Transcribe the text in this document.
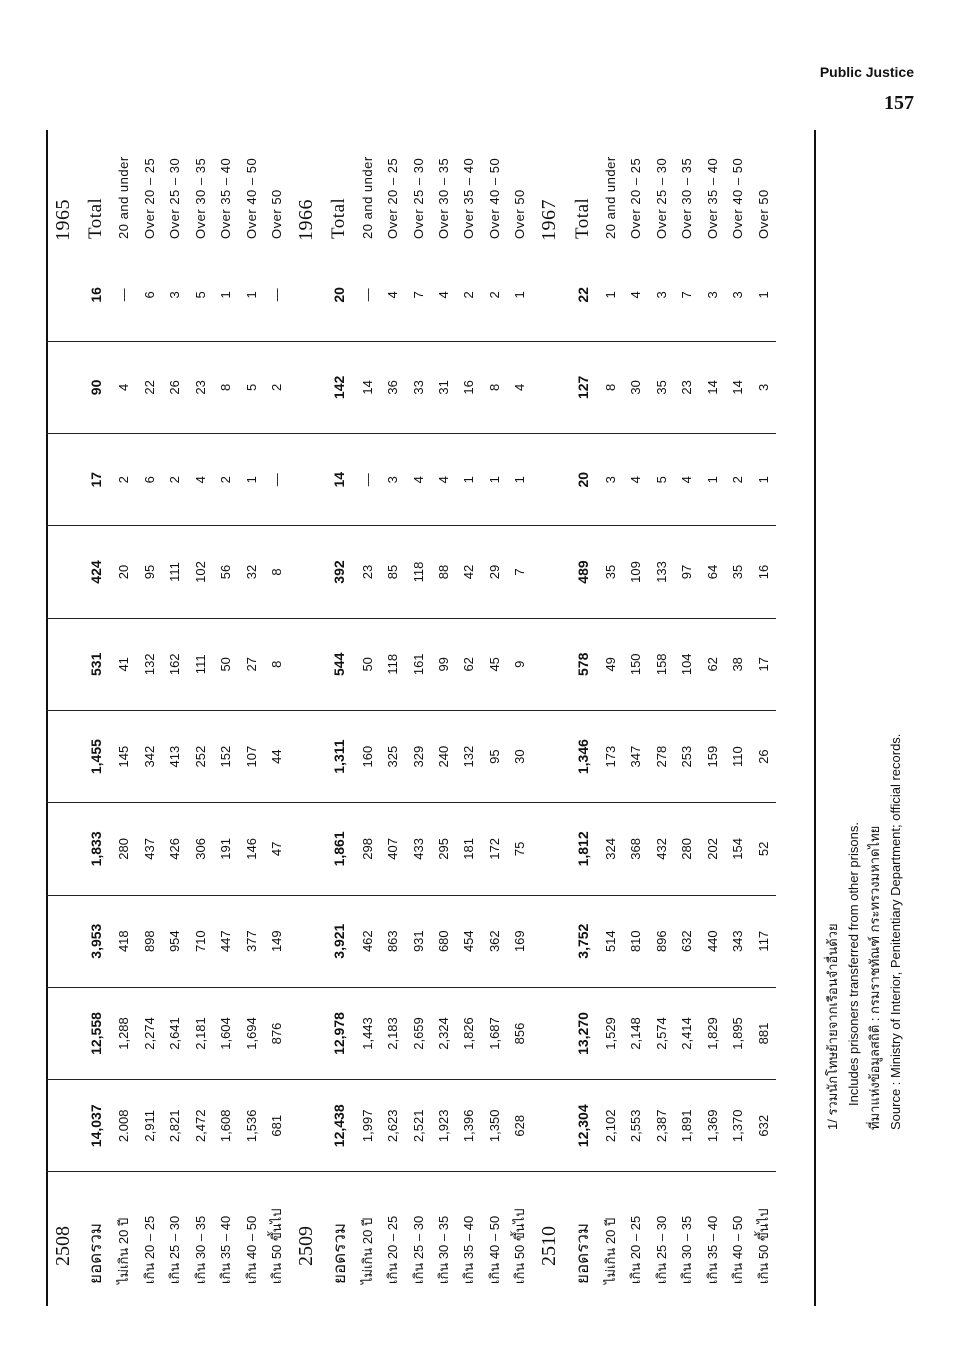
Public Justice
157
2508											1965
ยอดรวม	14,037	12,558	3,953	1,833	1,455	531	424	17	90	16	Total
ไม่เกิน 20 ปี	2.008	1,288	418	280	145	41	20	2	4	—	20 and under
เกิน 20 – 25	2,911	2,274	898	437	342	132	95	6	22	6	Over 20 – 25
เกิน 25 – 30	2,821	2,641	954	426	413	162	111	2	26	3	Over 25 – 30
เกิน 30 – 35	2,472	2,181	710	306	252	111	102	4	23	5	Over 30 – 35
เกิน 35 – 40	1,608	1,604	447	191	152	50	56	2	8	1	Over 35 – 40
เกิน 40 – 50	1,536	1,694	377	146	107	27	32	1	5	1	Over 40 – 50
เกิน 50 ขึ้นไป	681	876	149	47	44	8	8	—	2	—	Over 50
2509											1966
ยอดรวม	12,438	12,978	3,921	1,861	1,311	544	392	14	142	20	Total
ไม่เกิน 20 ปี	1,997	1,443	462	298	160	50	23	—	14	—	20 and under
เกิน 20 – 25	2,623	2,183	863	407	325	118	85	3	36	4	Over 20 – 25
เกิน 25 – 30	2,521	2,659	931	433	329	161	118	4	33	7	Over 25 – 30
เกิน 30 – 35	1,923	2,324	680	295	240	99	88	4	31	4	Over 30 – 35
เกิน 35 – 40	1,396	1,826	454	181	132	62	42	1	16	2	Over 35 – 40
เกิน 40 – 50	1,350	1,687	362	172	95	45	29	1	8	2	Over 40 – 50
เกิน 50 ขึ้นไป	628	856	169	75	30	9	7	1	4	1	Over 50
2510											1967
ยอดรวม	12,304	13,270	3,752	1,812	1,346	578	489	20	127	22	Total
ไม่เกิน 20 ปี	2,102	1,529	514	324	173	49	35	3	8	1	20 and under
เกิน 20 – 25	2,553	2,148	810	368	347	150	109	4	30	4	Over 20 – 25
เกิน 25 – 30	2,387	2,574	896	432	278	158	133	5	35	3	Over 25 – 30
เกิน 30 – 35	1,891	2,414	632	280	253	104	97	4	23	7	Over 30 – 35
เกิน 35 – 40	1,369	1,829	440	202	159	62	64	1	14	3	Over 35 – 40
เกิน 40 – 50	1,370	1,895	343	154	110	38	35	2	14	3	Over 40 – 50
เกิน 50 ขึ้นไป	632	881	117	52	26	17	16	1	3	1	Over 50
1/ รวมนักโทษย้ายจากเรือนจำอื่นด้วย Includes prisoners transferred from other prisons. ที่มาแห่งข้อมูลสถิติ : กรมราชทัณฑ์ กระทรวงมหาดไทย Source : Ministry of Interior, Penitentiary Department; official records.
